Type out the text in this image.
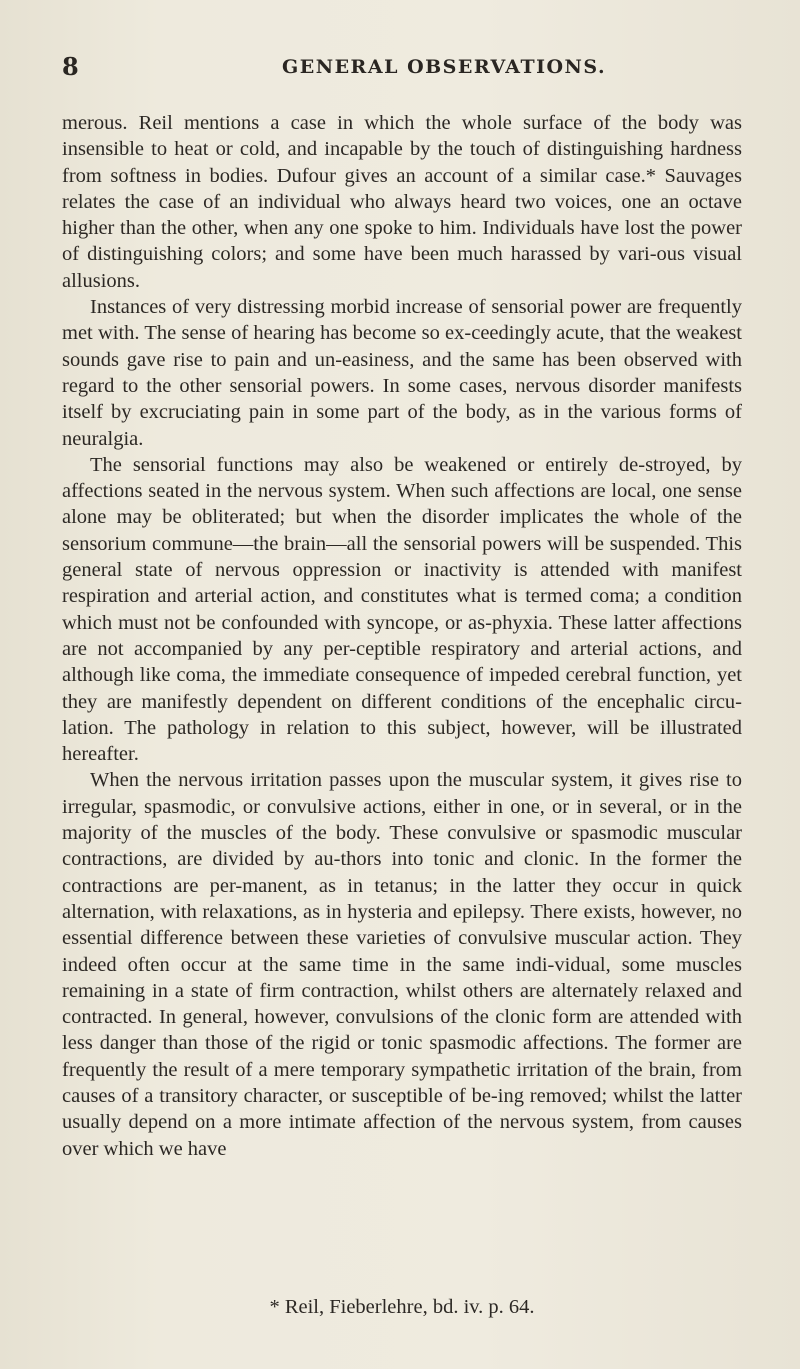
8	GENERAL OBSERVATIONS.

merous. Reil mentions a case in which the whole surface of the body was insensible to heat or cold, and incapable by the touch of distinguishing hardness from softness in bodies. Dufour gives an account of a similar case.* Sauvages relates the case of an individual who always heard two voices, one an octave higher than the other, when any one spoke to him. Individuals have lost the power of distinguishing colors; and some have been much harassed by vari-ous visual allusions.

Instances of very distressing morbid increase of sensorial power are frequently met with. The sense of hearing has become so ex-ceedingly acute, that the weakest sounds gave rise to pain and un-easiness, and the same has been observed with regard to the other sensorial powers. In some cases, nervous disorder manifests itself by excruciating pain in some part of the body, as in the various forms of neuralgia.

The sensorial functions may also be weakened or entirely de-stroyed, by affections seated in the nervous system. When such affections are local, one sense alone may be obliterated; but when the disorder implicates the whole of the sensorium commune—the brain—all the sensorial powers will be suspended. This general state of nervous oppression or inactivity is attended with manifest respiration and arterial action, and constitutes what is termed coma; a condition which must not be confounded with syncope, or as-phyxia. These latter affections are not accompanied by any per-ceptible respiratory and arterial actions, and although like coma, the immediate consequence of impeded cerebral function, yet they are manifestly dependent on different conditions of the encephalic circu-lation. The pathology in relation to this subject, however, will be illustrated hereafter.

When the nervous irritation passes upon the muscular system, it gives rise to irregular, spasmodic, or convulsive actions, either in one, or in several, or in the majority of the muscles of the body. These convulsive or spasmodic muscular contractions, are divided by au-thors into tonic and clonic. In the former the contractions are per-manent, as in tetanus; in the latter they occur in quick alternation, with relaxations, as in hysteria and epilepsy. There exists, however, no essential difference between these varieties of convulsive muscular action. They indeed often occur at the same time in the same indi-vidual, some muscles remaining in a state of firm contraction, whilst others are alternately relaxed and contracted. In general, however, convulsions of the clonic form are attended with less danger than those of the rigid or tonic spasmodic affections. The former are frequently the result of a mere temporary sympathetic irritation of the brain, from causes of a transitory character, or susceptible of be-ing removed; whilst the latter usually depend on a more intimate affection of the nervous system, from causes over which we have

* Reil, Fieberlehre, bd. iv. p. 64.
